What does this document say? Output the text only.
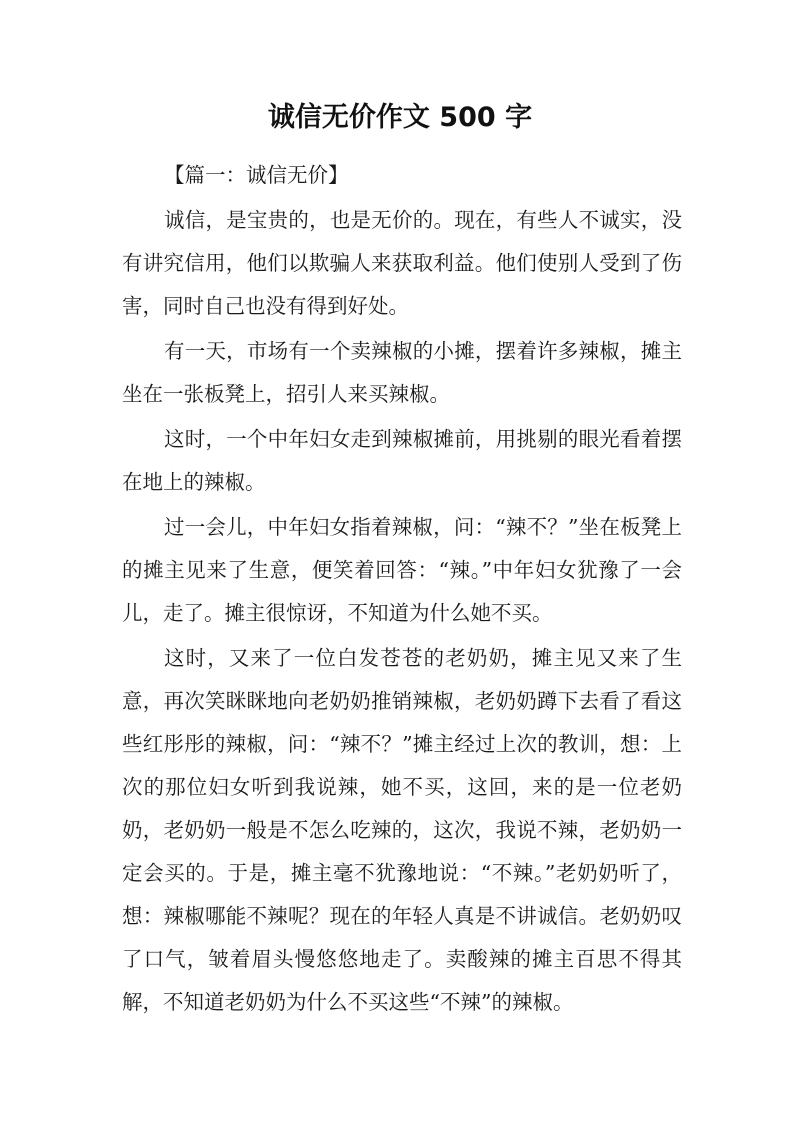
诚信无价作文 500 字

【篇一：诚信无价】

诚信，是宝贵的，也是无价的。现在，有些人不诚实，没有讲究信用，他们以欺骗人来获取利益。他们使别人受到了伤害，同时自己也没有得到好处。

有一天，市场有一个卖辣椒的小摊，摆着许多辣椒，摊主坐在一张板凳上，招引人来买辣椒。

这时，一个中年妇女走到辣椒摊前，用挑剔的眼光看着摆在地上的辣椒。

过一会儿，中年妇女指着辣椒，问：“辣不？”坐在板凳上的摊主见来了生意，便笑着回答：“辣。”中年妇女犹豫了一会儿，走了。摊主很惊讶，不知道为什么她不买。

这时，又来了一位白发苍苍的老奶奶，摊主见又来了生意，再次笑眯眯地向老奶奶推销辣椒，老奶奶蹲下去看了看这些红彤彤的辣椒，问：“辣不？”摊主经过上次的教训，想：上次的那位妇女听到我说辣，她不买，这回，来的是一位老奶奶，老奶奶一般是不怎么吃辣的，这次，我说不辣，老奶奶一定会买的。于是，摊主毫不犹豫地说：“不辣。”老奶奶听了，想：辣椒哪能不辣呢？现在的年轻人真是不讲诚信。老奶奶叹了口气，皱着眉头慢悠悠地走了。卖酸辣的摊主百思不得其解，不知道老奶奶为什么不买这些“不辣”的辣椒。
